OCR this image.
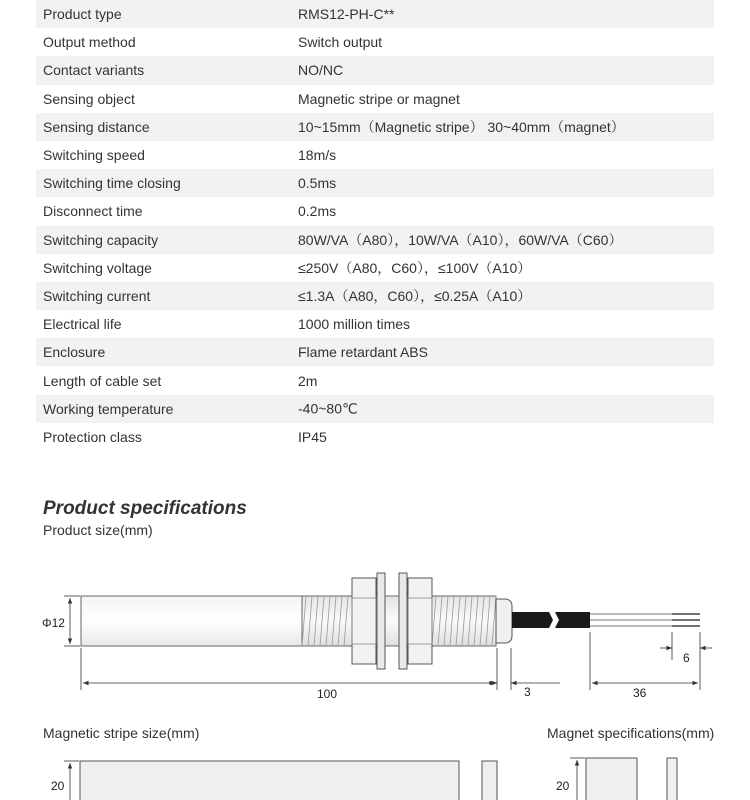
Product type	RMS12-PH-C**
Output method	Switch output
Contact variants	NO/NC
Sensing object	Magnetic stripe or magnet
Sensing distance	10~15mm（Magnetic stripe） 30~40mm（magnet）
Switching speed	18m/s
Switching time closing	0.5ms
Disconnect time	0.2ms
Switching capacity	80W/VA（A80），10W/VA（A10），60W/VA（C60）
Switching voltage	≤250V（A80，C60），≤100V（A10）
Switching current	≤1.3A（A80，C60），≤0.25A（A10）
Electrical life	1000 million times
Enclosure	Flame retardant ABS
Length of cable set	2m
Working temperature	-40~80℃
Protection class	IP45
Product specifications
Product size(mm)
Magnetic stripe size(mm)	Magnet specifications(mm)
Φ12
100	3	36
6
20	20
